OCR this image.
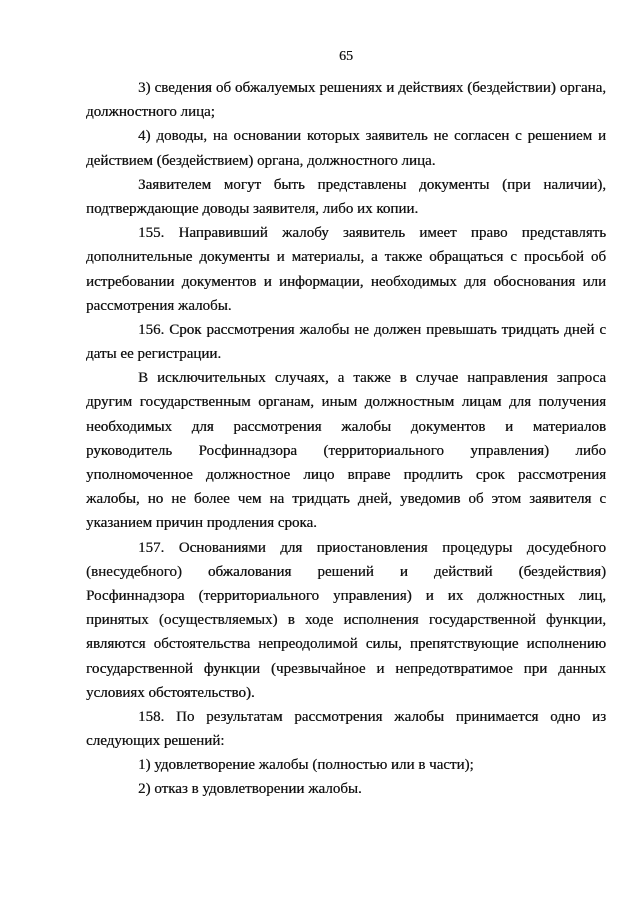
65
3) сведения об обжалуемых решениях и действиях (бездействии) органа,
должностного лица;
4) доводы, на основании которых заявитель не согласен с решением и
действием (бездействием) органа, должностного лица.
Заявителем могут быть представлены документы (при наличии),
подтверждающие доводы заявителя, либо их копии.
155. Направивший жалобу заявитель имеет право представлять
дополнительные документы и материалы, а также обращаться с просьбой об
истребовании документов и информации, необходимых для обоснования или
рассмотрения жалобы.
156. Срок рассмотрения жалобы не должен превышать тридцать дней с
даты ее регистрации.
В исключительных случаях, а также в случае направления запроса
другим государственным органам, иным должностным лицам для получения
необходимых для рассмотрения жалобы документов и материалов
руководитель Росфиннадзора (территориального управления) либо
уполномоченное должностное лицо вправе продлить срок рассмотрения
жалобы, но не более чем на тридцать дней, уведомив об этом заявителя с
указанием причин продления срока.
157. Основаниями для приостановления процедуры досудебного
(внесудебного) обжалования решений и действий (бездействия)
Росфиннадзора (территориального управления) и их должностных лиц,
принятых (осуществляемых) в ходе исполнения государственной функции,
являются обстоятельства непреодолимой силы, препятствующие исполнению
государственной функции (чрезвычайное и непредотвратимое при данных
условиях обстоятельство).
158. По результатам рассмотрения жалобы принимается одно из
следующих решений:
1) удовлетворение жалобы (полностью или в части);
2) отказ в удовлетворении жалобы.
